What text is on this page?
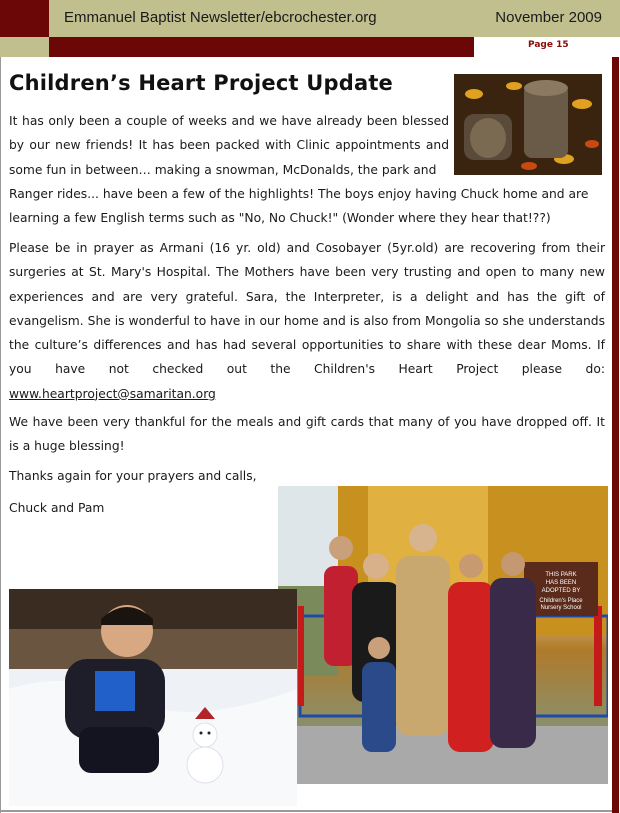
Emmanuel Baptist Newsletter/ebcrochester.org	November 2009
Page 15
Children’s Heart Project Update
It has only been a couple of weeks and we have already been blessed by our new friends! It has been packed with Clinic appointments and some fun in between… making a snowman, McDonalds, the park and
Ranger rides... have been a few of the highlights! The boys enjoy having Chuck home and are learning a few English terms such as "No, No Chuck!" (Wonder where they hear that!??)
Please be in prayer as Armani (16 yr. old) and Cosobayer (5yr.old) are recovering from their surgeries at St. Mary's Hospital. The Mothers have been very trusting and open to many new experiences and are very grateful. Sara, the Interpreter, is a delight and has the gift of evangelism. She is wonderful to have in our home and is also from Mongolia so she understands the culture’s differences and has had several opportunities to share with these dear Moms. If you have not checked out the Children's Heart Project please do: www.heartproject@samaritan.org
We have been very thankful for the meals and gift cards that many of you have dropped off. It is a huge blessing!
Thanks again for your prayers and calls,
Chuck and Pam
THIS PARK HAS BEEN ADOPTED BY Children's Place Nursery School
